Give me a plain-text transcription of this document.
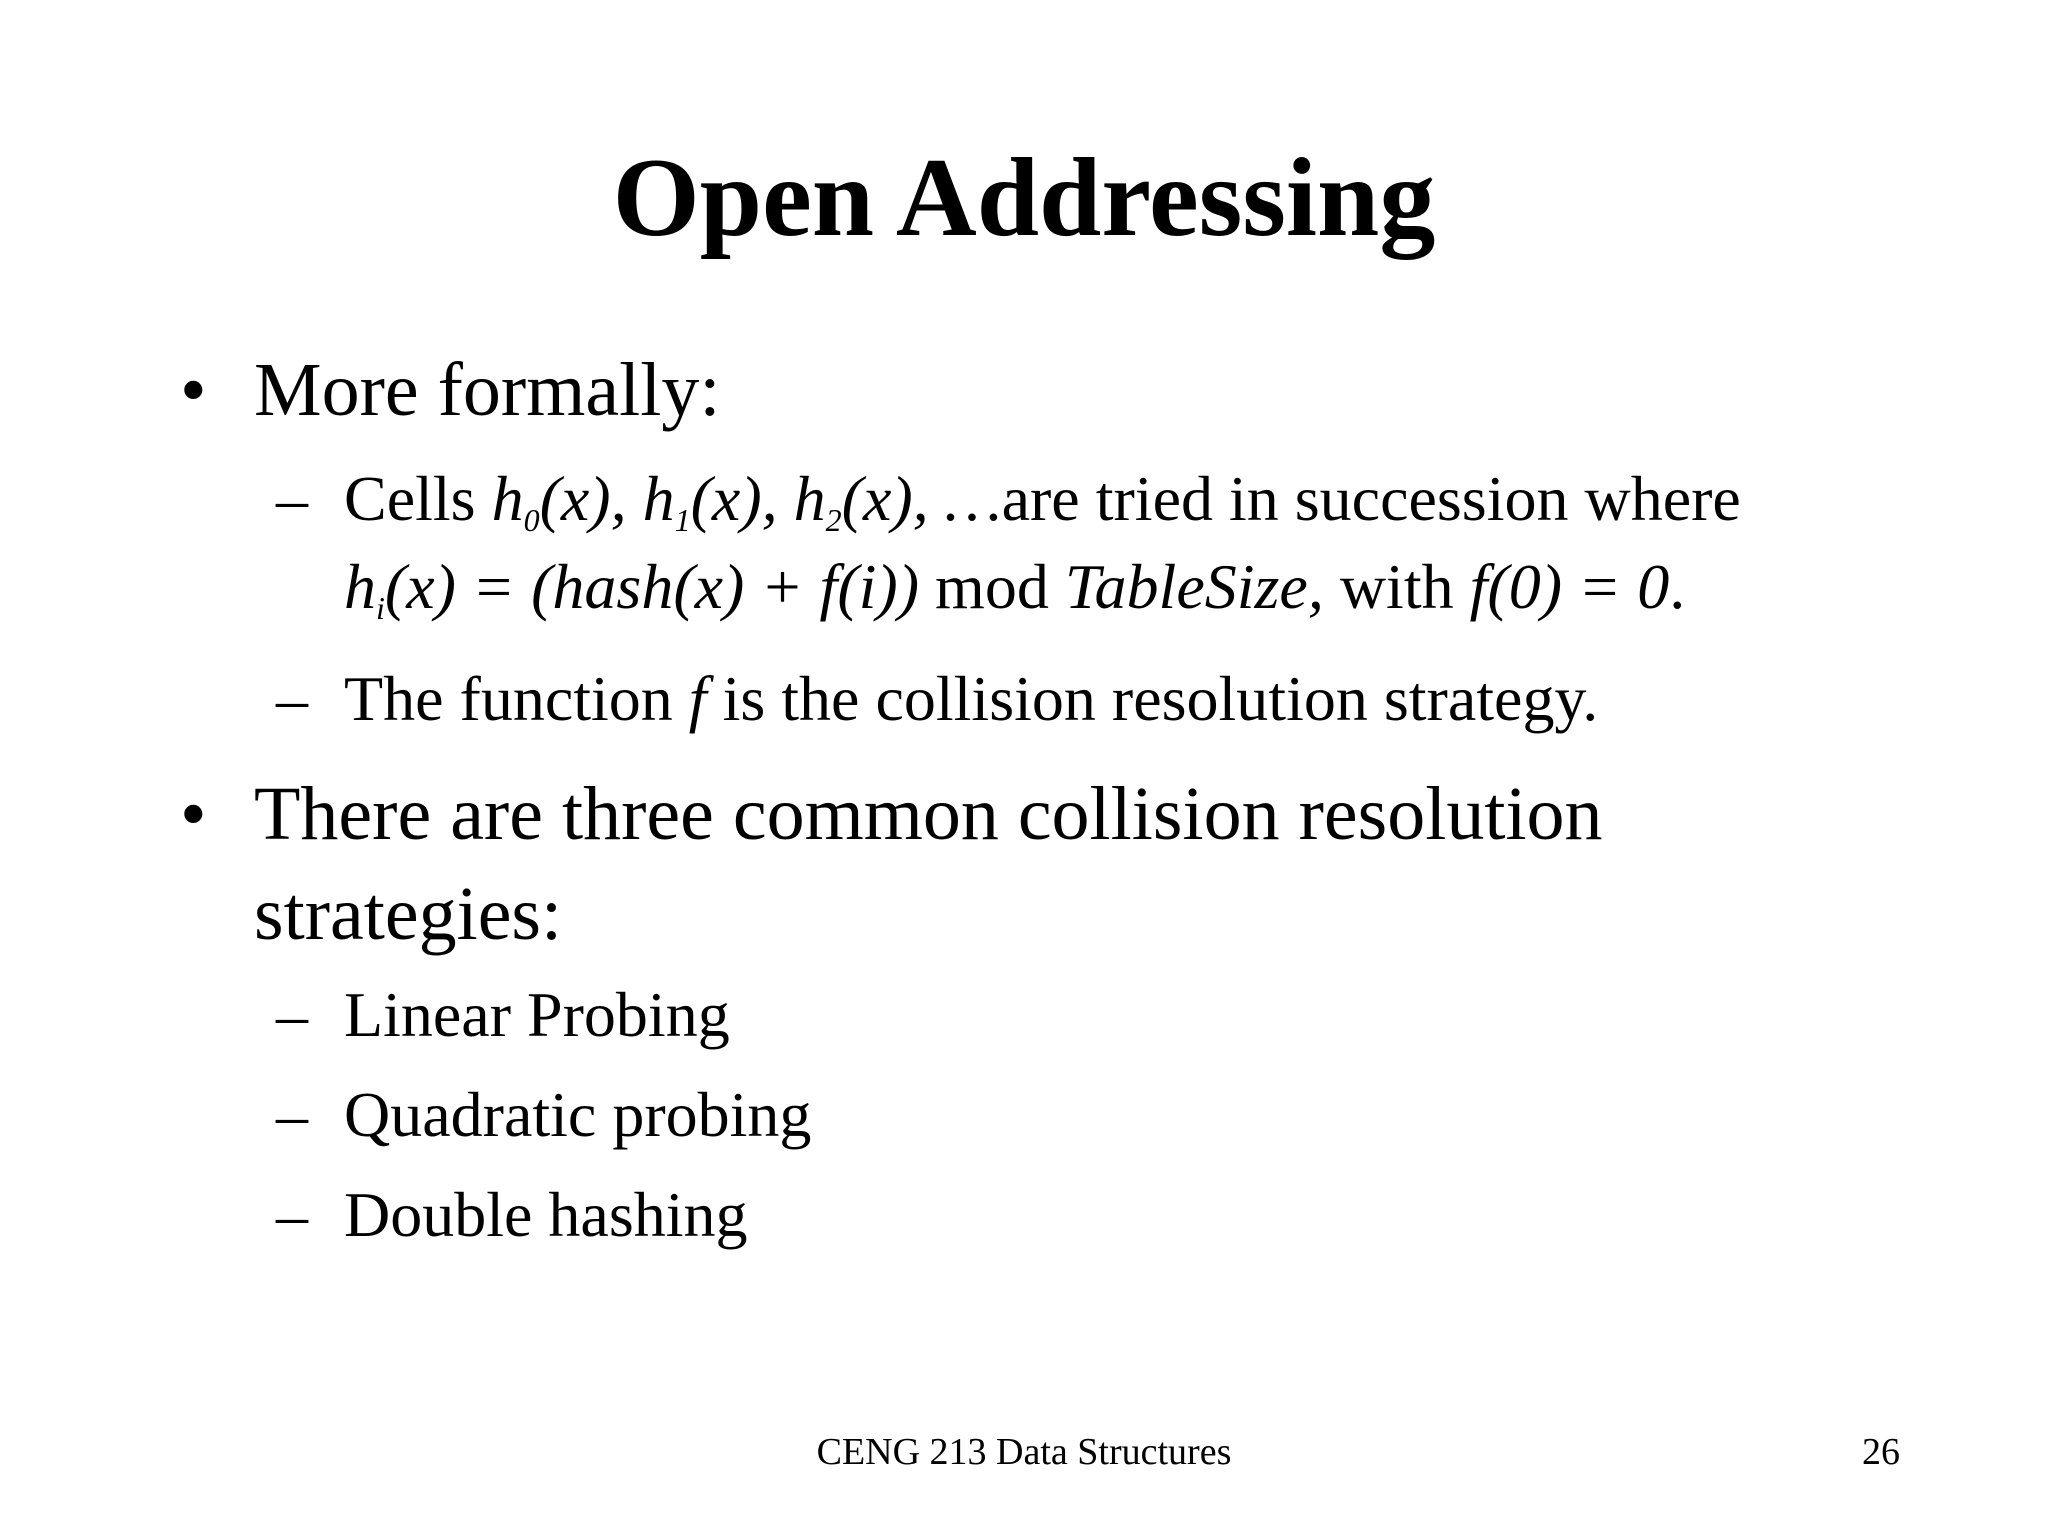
Open Addressing
• More formally:
– Cells $h_0(x)$, $h_1(x)$, $h_2(x)$, …are tried in succession where
$h_i(x)$ = (hash(x) + f(i)) mod TableSize, with f(0) = 0.
– The function f is the collision resolution strategy.
• There are three common collision resolution
strategies:
– Linear Probing
– Quadratic probing
– Double hashing
CENG 213 Data Structures	26
